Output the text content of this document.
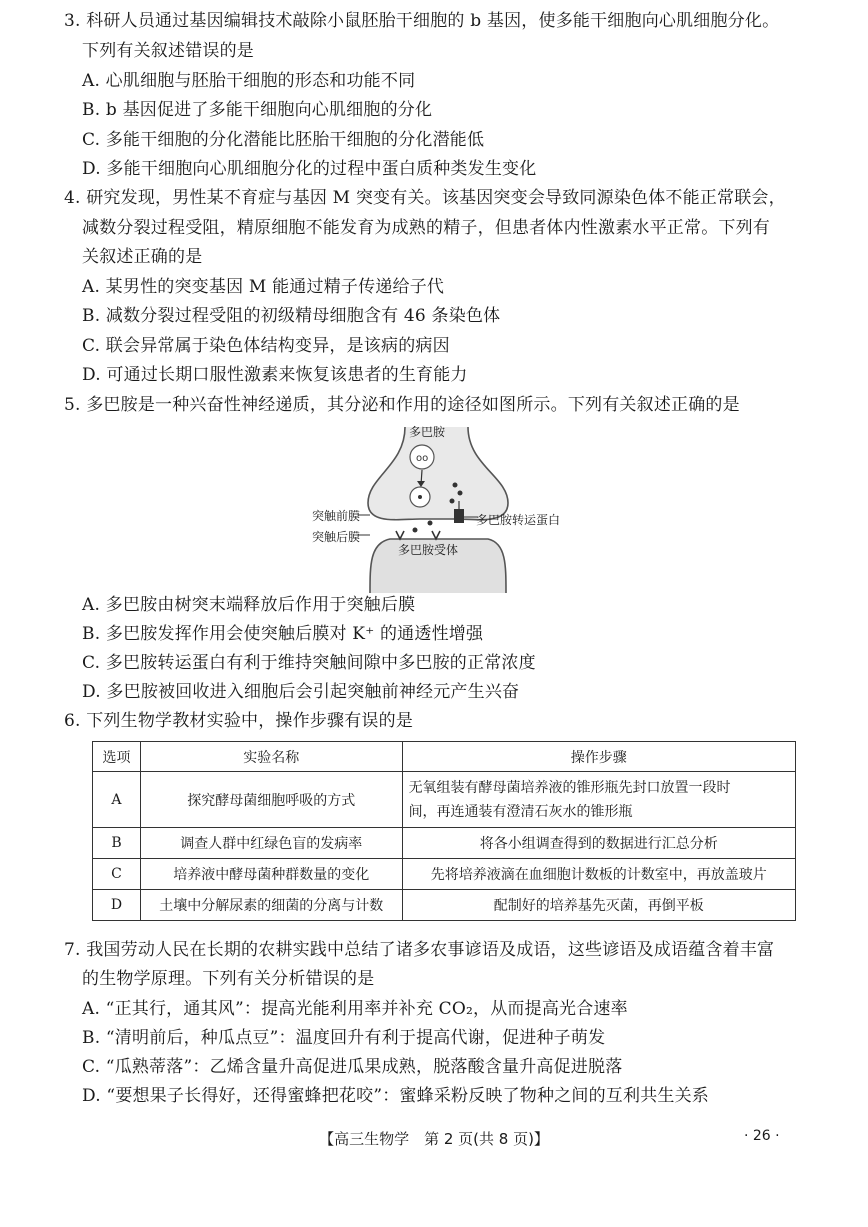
3. 科研人员通过基因编辑技术敲除小鼠胚胎干细胞的 b 基因，使多能干细胞向心肌细胞分化。
下列有关叙述错误的是
A. 心肌细胞与胚胎干细胞的形态和功能不同
B. b 基因促进了多能干细胞向心肌细胞的分化
C. 多能干细胞的分化潜能比胚胎干细胞的分化潜能低
D. 多能干细胞向心肌细胞分化的过程中蛋白质种类发生变化
4. 研究发现，男性某不育症与基因 M 突变有关。该基因突变会导致同源染色体不能正常联会，
减数分裂过程受阻，精原细胞不能发育为成熟的精子，但患者体内性激素水平正常。下列有
关叙述正确的是
A. 某男性的突变基因 M 能通过精子传递给子代
B. 减数分裂过程受阻的初级精母细胞含有 46 条染色体
C. 联会异常属于染色体结构变异，是该病的病因
D. 可通过长期口服性激素来恢复该患者的生育能力
5. 多巴胺是一种兴奋性神经递质，其分泌和作用的途径如图所示。下列有关叙述正确的是
oo
多巴胺
突触前膜
突触后膜
多巴胺转运蛋白
多巴胺受体
A. 多巴胺由树突末端释放后作用于突触后膜
B. 多巴胺发挥作用会使突触后膜对 K⁺ 的通透性增强
C. 多巴胺转运蛋白有利于维持突触间隙中多巴胺的正常浓度
D. 多巴胺被回收进入细胞后会引起突触前神经元产生兴奋
6. 下列生物学教材实验中，操作步骤有误的是
选项	实验名称	操作步骤
A	探究酵母菌细胞呼吸的方式	无氧组装有酵母菌培养液的锥形瓶先封口放置一段时
间，再连通装有澄清石灰水的锥形瓶

B	调查人群中红绿色盲的发病率	将各小组调查得到的数据进行汇总分析
C	培养液中酵母菌种群数量的变化	先将培养液滴在血细胞计数板的计数室中，再放盖玻片
D	土壤中分解尿素的细菌的分离与计数	配制好的培养基先灭菌，再倒平板
7. 我国劳动人民在长期的农耕实践中总结了诸多农事谚语及成语，这些谚语及成语蕴含着丰富
的生物学原理。下列有关分析错误的是
A. “正其行，通其风”：提高光能利用率并补充 CO₂，从而提高光合速率
B. “清明前后，种瓜点豆”：温度回升有利于提高代谢，促进种子萌发
C. “瓜熟蒂落”：乙烯含量升高促进瓜果成熟，脱落酸含量升高促进脱落
D. “要想果子长得好，还得蜜蜂把花咬”：蜜蜂采粉反映了物种之间的互利共生关系
【高三生物学　第 2 页(共 8 页)】	· 26 ·
